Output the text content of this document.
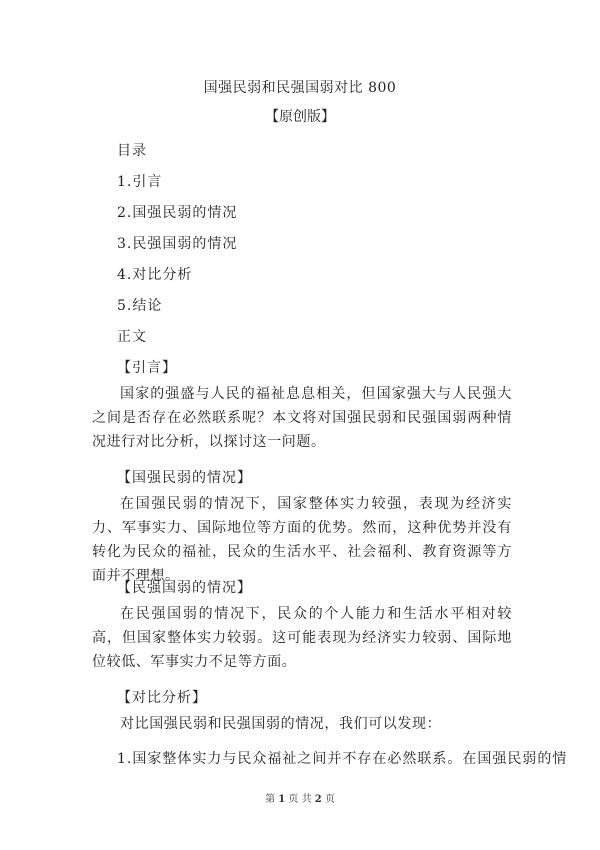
国强民弱和民强国弱对比 800
【原创版】
目录
1.引言
2.国强民弱的情况
3.民强国弱的情况
4.对比分析
5.结论
正文
【引言】
国家的强盛与人民的福祉息息相关，但国家强大与人民强大之间是否存在必然联系呢？本文将对国强民弱和民强国弱两种情况进行对比分析，以探讨这一问题。
【国强民弱的情况】
在国强民弱的情况下，国家整体实力较强，表现为经济实力、军事实力、国际地位等方面的优势。然而，这种优势并没有转化为民众的福祉，民众的生活水平、社会福利、教育资源等方面并不理想。
【民强国弱的情况】
在民强国弱的情况下，民众的个人能力和生活水平相对较高，但国家整体实力较弱。这可能表现为经济实力较弱、国际地位较低、军事实力不足等方面。
【对比分析】
对比国强民弱和民强国弱的情况，我们可以发现：
1.国家整体实力与民众福祉之间并不存在必然联系。在国强民弱的情
第 1 页 共 2 页
